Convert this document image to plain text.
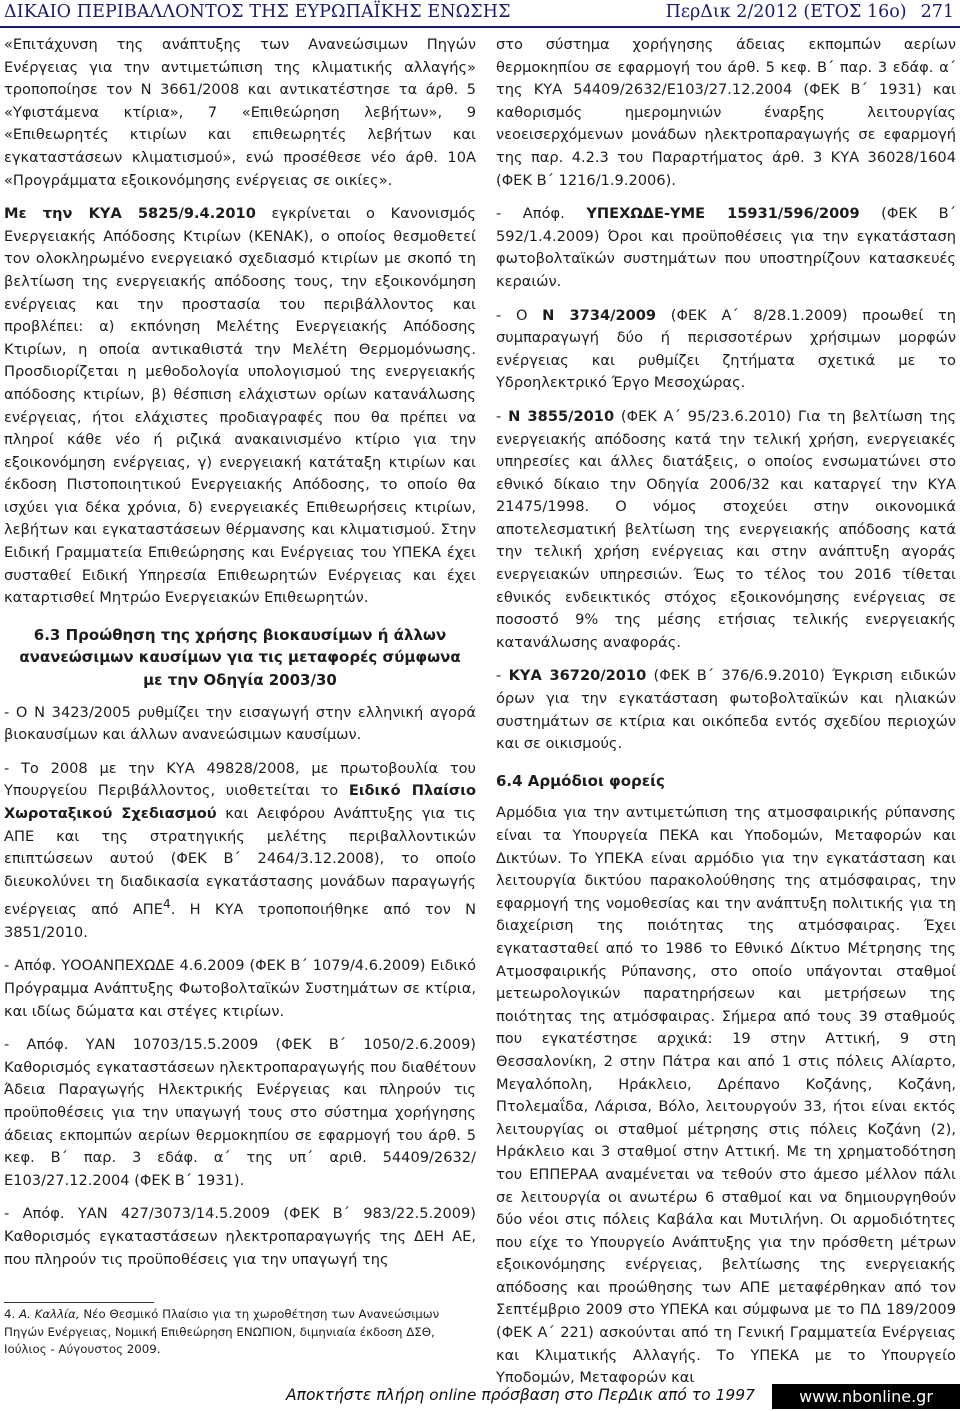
ΔΙΚΑΙΟ ΠΕΡΙΒΑΛΛΟΝΤΟΣ ΤΗΣ ΕΥΡΩΠΑΪΚΗΣ ΕΝΩΣΗΣ	ΠερΔικ 2/2012 (ΕΤΟΣ 16ο) 271

«Επιτάχυνση της ανάπτυξης των Ανανεώσιμων Πηγών Ενέργειας για την αντιμετώπιση της κλιματικής αλλαγής» τροποποίησε τον Ν 3661/2008 και αντικατέστησε τα άρθ. 5 «Υφιστάμενα κτίρια», 7 «Επιθεώρηση λεβήτων», 9 «Επιθεωρητές κτιρίων και επιθεωρητές λεβήτων και εγκαταστάσεων κλιματισμού», ενώ προσέθεσε νέο άρθ. 10Α «Προγράμματα εξοικονόμησης ενέργειας σε οικίες».

Με την ΚΥΑ 5825/9.4.2010 εγκρίνεται ο Κανονισμός Ενεργειακής Απόδοσης Κτιρίων (ΚΕΝΑΚ), ο οποίος θεσμοθετεί τον ολοκληρωμένο ενεργειακό σχεδιασμό κτιρίων με σκοπό τη βελτίωση της ενεργειακής απόδοσης τους, την εξοικονόμηση ενέργειας και την προστασία του περιβάλλοντος και προβλέπει: α) εκπόνηση Μελέτης Ενεργειακής Απόδοσης Κτιρίων, η οποία αντικαθιστά την Μελέτη Θερμομόνωσης. Προσδιορίζεται η μεθοδολογία υπολογισμού της ενεργειακής απόδοσης κτιρίων, β) θέσπιση ελάχιστων ορίων κατανάλωσης ενέργειας, ήτοι ελάχιστες προδιαγραφές που θα πρέπει να πληροί κάθε νέο ή ριζικά ανακαινισμένο κτίριο για την εξοικονόμηση ενέργειας, γ) ενεργειακή κατάταξη κτιρίων και έκδοση Πιστοποιητικού Ενεργειακής Απόδοσης, το οποίο θα ισχύει για δέκα χρόνια, δ) ενεργειακές Επιθεωρήσεις κτιρίων, λεβήτων και εγκαταστάσεων θέρμανσης και κλιματισμού. Στην Ειδική Γραμματεία Επιθεώρησης και Ενέργειας του ΥΠΕΚΑ έχει συσταθεί Ειδική Υπηρεσία Επιθεωρητών Ενέργειας και έχει καταρτισθεί Μητρώο Ενεργειακών Επιθεωρητών.

6.3 Προώθηση της χρήσης βιοκαυσίμων ή άλλων ανανεώσιμων καυσίμων για τις μεταφορές σύμφωνα με την Οδηγία 2003/30

- Ο Ν 3423/2005 ρυθμίζει την εισαγωγή στην ελληνική αγορά βιοκαυσίμων και άλλων ανανεώσιμων καυσίμων.

- Το 2008 με την ΚΥΑ 49828/2008, με πρωτοβουλία του Υπουργείου Περιβάλλοντος, υιοθετείται το Ειδικό Πλαίσιο Χωροταξικού Σχεδιασμού και Αειφόρου Ανάπτυξης για τις ΑΠΕ και της στρατηγικής μελέτης περιβαλλοντικών επιπτώσεων αυτού (ΦΕΚ Β΄ 2464/3.12.2008), το οποίο διευκολύνει τη διαδικασία εγκατάστασης μονάδων παραγωγής ενέργειας από ΑΠΕ$^4$. Η ΚΥΑ τροποποιήθηκε από τον Ν 3851/2010.

- Απόφ. ΥΟΟΑΝΠΕΧΩΔΕ 4.6.2009 (ΦΕΚ Β΄ 1079/4.6.2009) Ειδικό Πρόγραμμα Ανάπτυξης Φωτοβολταϊκών Συστημάτων σε κτίρια, και ιδίως δώματα και στέγες κτιρίων.

- Απόφ. ΥΑΝ 10703/15.5.2009 (ΦΕΚ Β΄ 1050/2.6.2009) Καθορισμός εγκαταστάσεων ηλεκτροπαραγωγής που διαθέτουν Άδεια Παραγωγής Ηλεκτρικής Ενέργειας και πληρούν τις προϋποθέσεις για την υπαγωγή τους στο σύστημα χορήγησης άδειας εκπομπών αερίων θερμοκηπίου σε εφαρμογή του άρθ. 5 κεφ. Β΄ παρ. 3 εδάφ. α΄ της υπ΄ αριθ. 54409/2632/Ε103/27.12.2004 (ΦΕΚ Β΄ 1931).

- Απόφ. ΥΑΝ 427/3073/14.5.2009 (ΦΕΚ Β΄ 983/22.5.2009) Καθορισμός εγκαταστάσεων ηλεκτροπαραγωγής της ΔΕΗ ΑΕ, που πληρούν τις προϋποθέσεις για την υπαγωγή της

στο σύστημα χορήγησης άδειας εκπομπών αερίων θερμοκηπίου σε εφαρμογή του άρθ. 5 κεφ. Β΄ παρ. 3 εδάφ. α΄ της ΚΥΑ 54409/2632/Ε103/27.12.2004 (ΦΕΚ Β΄ 1931) και καθορισμός ημερομηνιών έναρξης λειτουργίας νεοεισερχόμενων μονάδων ηλεκτροπαραγωγής σε εφαρμογή της παρ. 4.2.3 του Παραρτήματος άρθ. 3 ΚΥΑ 36028/1604 (ΦΕΚ Β΄ 1216/1.9.2006).

- Απόφ. ΥΠΕΧΩΔΕ-ΥΜΕ 15931/596/2009 (ΦΕΚ Β΄ 592/1.4.2009) Όροι και προϋποθέσεις για την εγκατάσταση φωτοβολταϊκών συστημάτων που υποστηρίζουν κατασκευές κεραιών.

- Ο Ν 3734/2009 (ΦΕΚ Α΄ 8/28.1.2009) προωθεί τη συμπαραγωγή δύο ή περισσοτέρων χρήσιμων μορφών ενέργειας και ρυθμίζει ζητήματα σχετικά με το Υδροηλεκτρικό Έργο Μεσοχώρας.

- Ν 3855/2010 (ΦΕΚ Α΄ 95/23.6.2010) Για τη βελτίωση της ενεργειακής απόδοσης κατά την τελική χρήση, ενεργειακές υπηρεσίες και άλλες διατάξεις, ο οποίος ενσωματώνει στο εθνικό δίκαιο την Οδηγία 2006/32 και καταργεί την ΚΥΑ 21475/1998. Ο νόμος στοχεύει στην οικονομικά αποτελεσματική βελτίωση της ενεργειακής απόδοσης κατά την τελική χρήση ενέργειας και στην ανάπτυξη αγοράς ενεργειακών υπηρεσιών. Έως το τέλος του 2016 τίθεται εθνικός ενδεικτικός στόχος εξοικονόμησης ενέργειας σε ποσοστό 9% της μέσης ετήσιας τελικής ενεργειακής κατανάλωσης αναφοράς.

- ΚΥΑ 36720/2010 (ΦΕΚ Β΄ 376/6.9.2010) Έγκριση ειδικών όρων για την εγκατάσταση φωτοβολταϊκών και ηλιακών συστημάτων σε κτίρια και οικόπεδα εντός σχεδίου περιοχών και σε οικισμούς.

6.4 Αρμόδιοι φορείς

Αρμόδια για την αντιμετώπιση της ατμοσφαιρικής ρύπανσης είναι τα Υπουργεία ΠΕΚΑ και Υποδομών, Μεταφορών και Δικτύων. Το ΥΠΕΚΑ είναι αρμόδιο για την εγκατάσταση και λειτουργία δικτύου παρακολούθησης της ατμόσφαιρας, την εφαρμογή της νομοθεσίας και την ανάπτυξη πολιτικής για τη διαχείριση της ποιότητας της ατμόσφαιρας. Έχει εγκατασταθεί από το 1986 το Εθνικό Δίκτυο Μέτρησης της Ατμοσφαιρικής Ρύπανσης, στο οποίο υπάγονται σταθμοί μετεωρολογικών παρατηρήσεων και μετρήσεων της ποιότητας της ατμόσφαιρας. Σήμερα από τους 39 σταθμούς που εγκατέστησε αρχικά: 19 στην Αττική, 9 στη Θεσσαλονίκη, 2 στην Πάτρα και από 1 στις πόλεις Αλίαρτο, Μεγαλόπολη, Ηράκλειο, Δρέπανο Κοζάνης, Κοζάνη, Πτολεμαΐδα, Λάρισα, Βόλο, λειτουργούν 33, ήτοι είναι εκτός λειτουργίας οι σταθμοί μέτρησης στις πόλεις Κοζάνη (2), Ηράκλειο και 3 σταθμοί στην Αττική. Με τη χρηματοδότηση του ΕΠΠΕΡΑΑ αναμένεται να τεθούν στο άμεσο μέλλον πάλι σε λειτουργία οι ανωτέρω 6 σταθμοί και να δημιουργηθούν δύο νέοι στις πόλεις Καβάλα και Μυτιλήνη. Οι αρμοδιότητες που είχε το Υπουργείο Ανάπτυξης για την πρόσθετη μέτρων εξοικονόμησης ενέργειας, βελτίωσης της ενεργειακής απόδοσης και προώθησης των ΑΠΕ μεταφέρθηκαν από τον Σεπτέμβριο 2009 στο ΥΠΕΚΑ και σύμφωνα με το ΠΔ 189/2009 (ΦΕΚ Α΄ 221) ασκούνται από τη Γενική Γραμματεία Ενέργειας και Κλιματικής Αλλαγής. Το ΥΠΕΚΑ με το Υπουργείο Υποδομών, Μεταφορών και

4. Α. Καλλία, Νέο Θεσμικό Πλαίσιο για τη χωροθέτηση των Ανανεώσιμων Πηγών Ενέργειας, Νομική Επιθεώρηση ΕΝΩΠΙΟΝ, διμηνιαία έκδοση ΔΣΘ, Ιούλιος - Αύγουστος 2009.
Αποκτήστε πλήρη online πρόσβαση στο ΠερΔικ από το 1997	www.nbonline.gr
